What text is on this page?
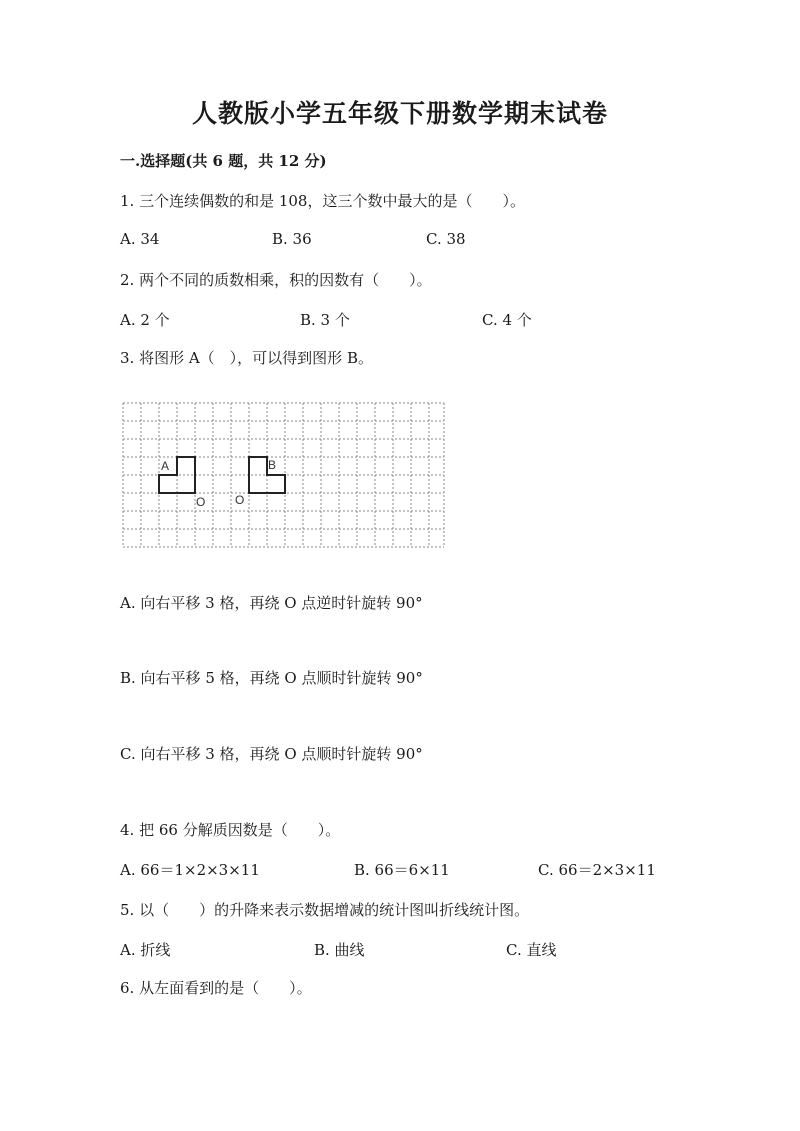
人教版小学五年级下册数学期末试卷
一.选择题(共 6 题，共 12 分)
1. 三个连续偶数的和是 108，这三个数中最大的是（　　）。
A. 34	B. 36	C. 38
2. 两个不同的质数相乘，积的因数有（　　）。
A. 2 个	B. 3 个	C. 4 个
3. 将图形 A（　），可以得到图形 B。
A	B
O O
A. 向右平移 3 格，再绕 O 点逆时针旋转 90°
B. 向右平移 5 格，再绕 O 点顺时针旋转 90°
C. 向右平移 3 格，再绕 O 点顺时针旋转 90°
4. 把 66 分解质因数是（　　）。
A. 66＝1×2×3×11	B. 66＝6×11	C. 66＝2×3×11
5. 以（　　）的升降来表示数据增减的统计图叫折线统计图。
A. 折线	B. 曲线	C. 直线
6. 从左面看到的是（　　）。
